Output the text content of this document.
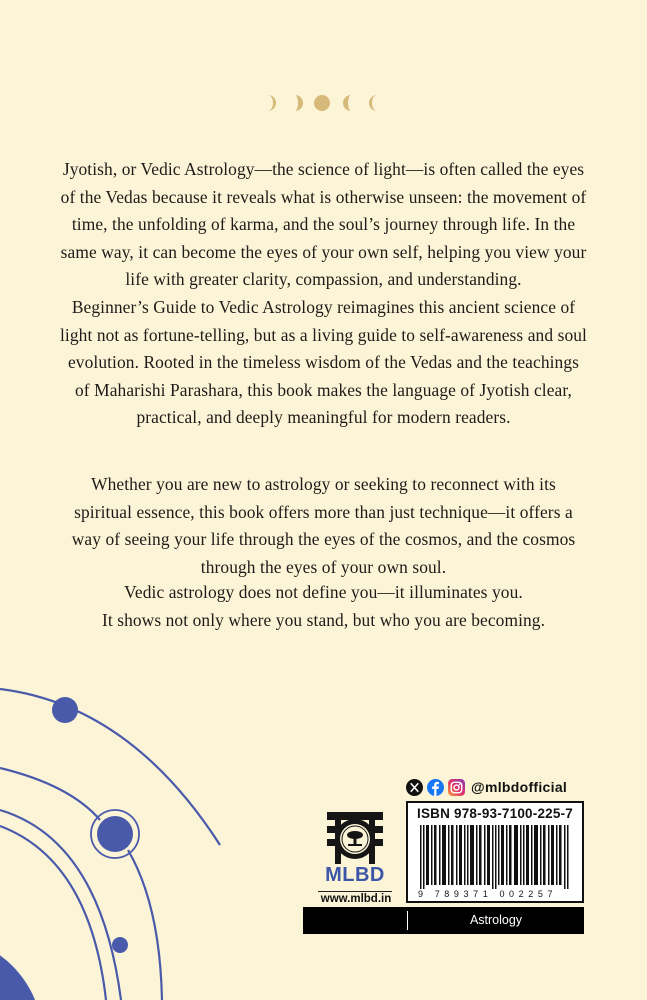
Jyotish, or Vedic Astrology—the science of light—is often called the eyes of the Vedas because it reveals what is otherwise unseen: the movement of time, the unfolding of karma, and the soul’s journey through life. In the same way, it can become the eyes of your own self, helping you view your life with greater clarity, compassion, and understanding.

Beginner’s Guide to Vedic Astrology reimagines this ancient science of light not as fortune-telling, but as a living guide to self-awareness and soul evolution. Rooted in the timeless wisdom of the Vedas and the teachings of Maharishi Parashara, this book makes the language of Jyotish clear, practical, and deeply meaningful for modern readers.

Whether you are new to astrology or seeking to reconnect with its spiritual essence, this book offers more than just technique—it offers a way of seeing your life through the eyes of the cosmos, and the cosmos through the eyes of your own soul.

Vedic astrology does not define you—it illuminates you.

It shows not only where you stand, but who you are becoming.

MLBD
www.mlbd.in
@mlbdofficial
ISBN 978-93-7100-225-7
9 789371 002257
Astrology
